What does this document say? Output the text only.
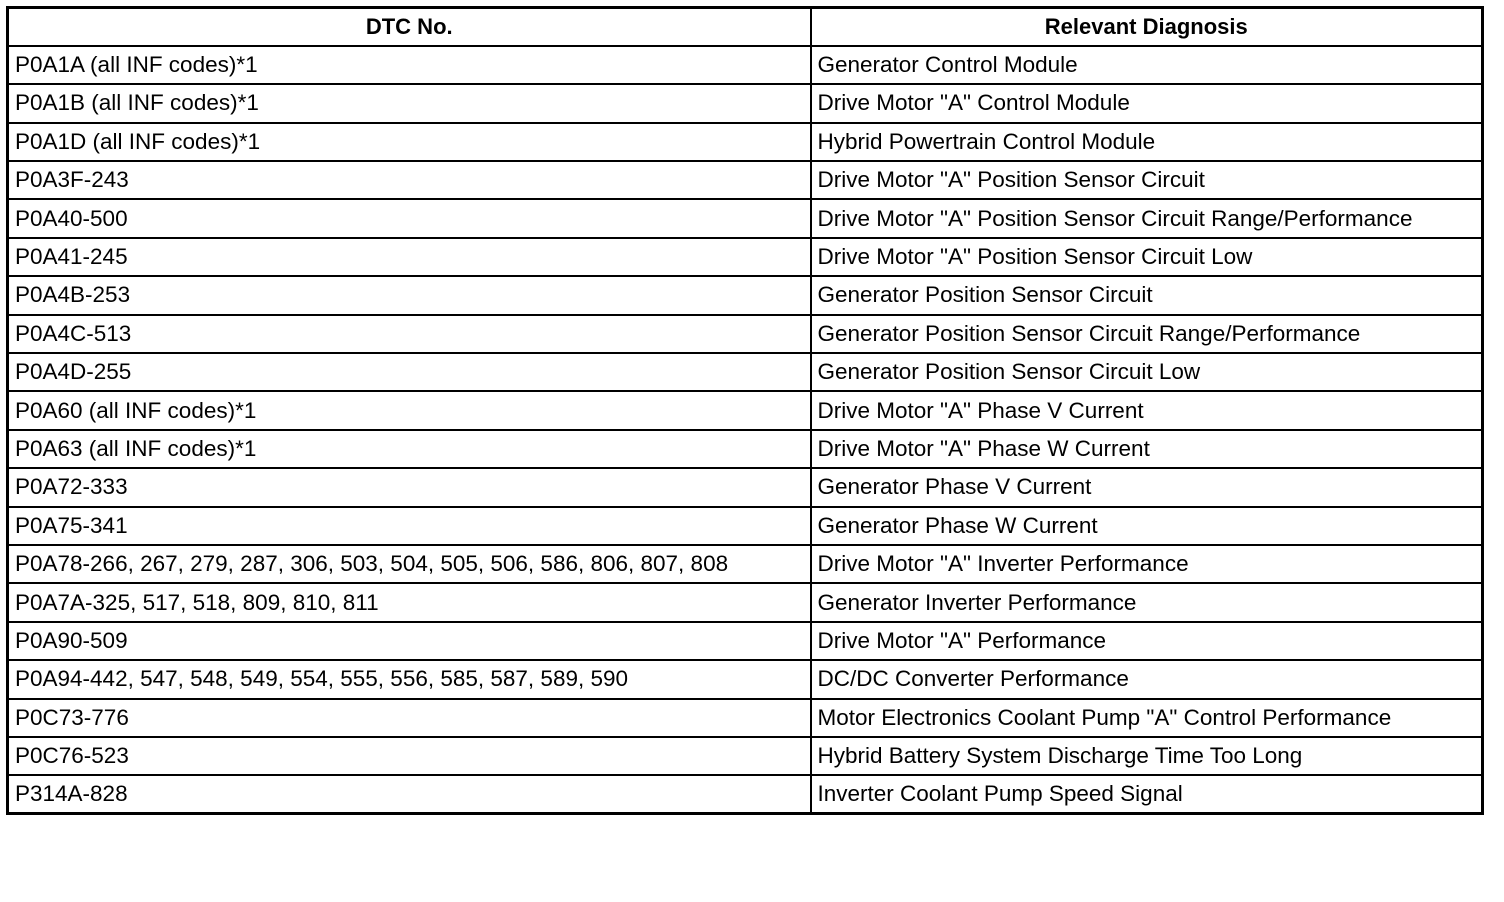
DTC No.	Relevant Diagnosis
P0A1A (all INF codes)*1	Generator Control Module
P0A1B (all INF codes)*1	Drive Motor "A" Control Module
P0A1D (all INF codes)*1	Hybrid Powertrain Control Module
P0A3F-243	Drive Motor "A" Position Sensor Circuit
P0A40-500	Drive Motor "A" Position Sensor Circuit Range/Performance
P0A41-245	Drive Motor "A" Position Sensor Circuit Low
P0A4B-253	Generator Position Sensor Circuit
P0A4C-513	Generator Position Sensor Circuit Range/Performance
P0A4D-255	Generator Position Sensor Circuit Low
P0A60 (all INF codes)*1	Drive Motor "A" Phase V Current
P0A63 (all INF codes)*1	Drive Motor "A" Phase W Current
P0A72-333	Generator Phase V Current
P0A75-341	Generator Phase W Current
P0A78-266, 267, 279, 287, 306, 503, 504, 505, 506, 586, 806, 807, 808	Drive Motor "A" Inverter Performance
P0A7A-325, 517, 518, 809, 810, 811	Generator Inverter Performance
P0A90-509	Drive Motor "A" Performance
P0A94-442, 547, 548, 549, 554, 555, 556, 585, 587, 589, 590	DC/DC Converter Performance
P0C73-776	Motor Electronics Coolant Pump "A" Control Performance
P0C76-523	Hybrid Battery System Discharge Time Too Long
P314A-828	Inverter Coolant Pump Speed Signal
